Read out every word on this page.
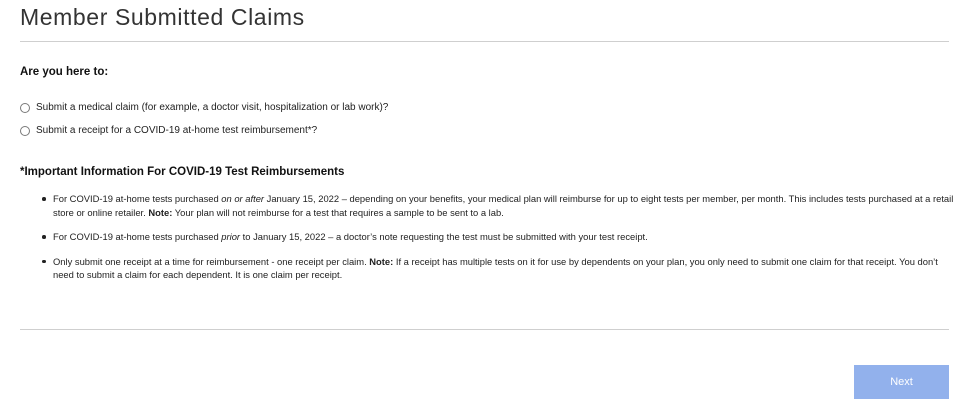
Member Submitted Claims

Are you here to:

Submit a medical claim (for example, a doctor visit, hospitalization or lab work)?
Submit a receipt for a COVID-19 at-home test reimbursement*?

*Important Information For COVID-19 Test Reimbursements

For COVID-19 at-home tests purchased on or after January 15, 2022 – depending on your benefits, your medical plan will reimburse for up to eight tests per member, per month. This includes tests purchased at a retail store or online retailer. Note: Your plan will not reimburse for a test that requires a sample to be sent to a lab.
For COVID-19 at-home tests purchased prior to January 15, 2022 – a doctor’s note requesting the test must be submitted with your test receipt.
Only submit one receipt at a time for reimbursement - one receipt per claim. Note: If a receipt has multiple tests on it for use by dependents on your plan, you only need to submit one claim for that receipt. You don’t need to submit a claim for each dependent. It is one claim per receipt.
Next
